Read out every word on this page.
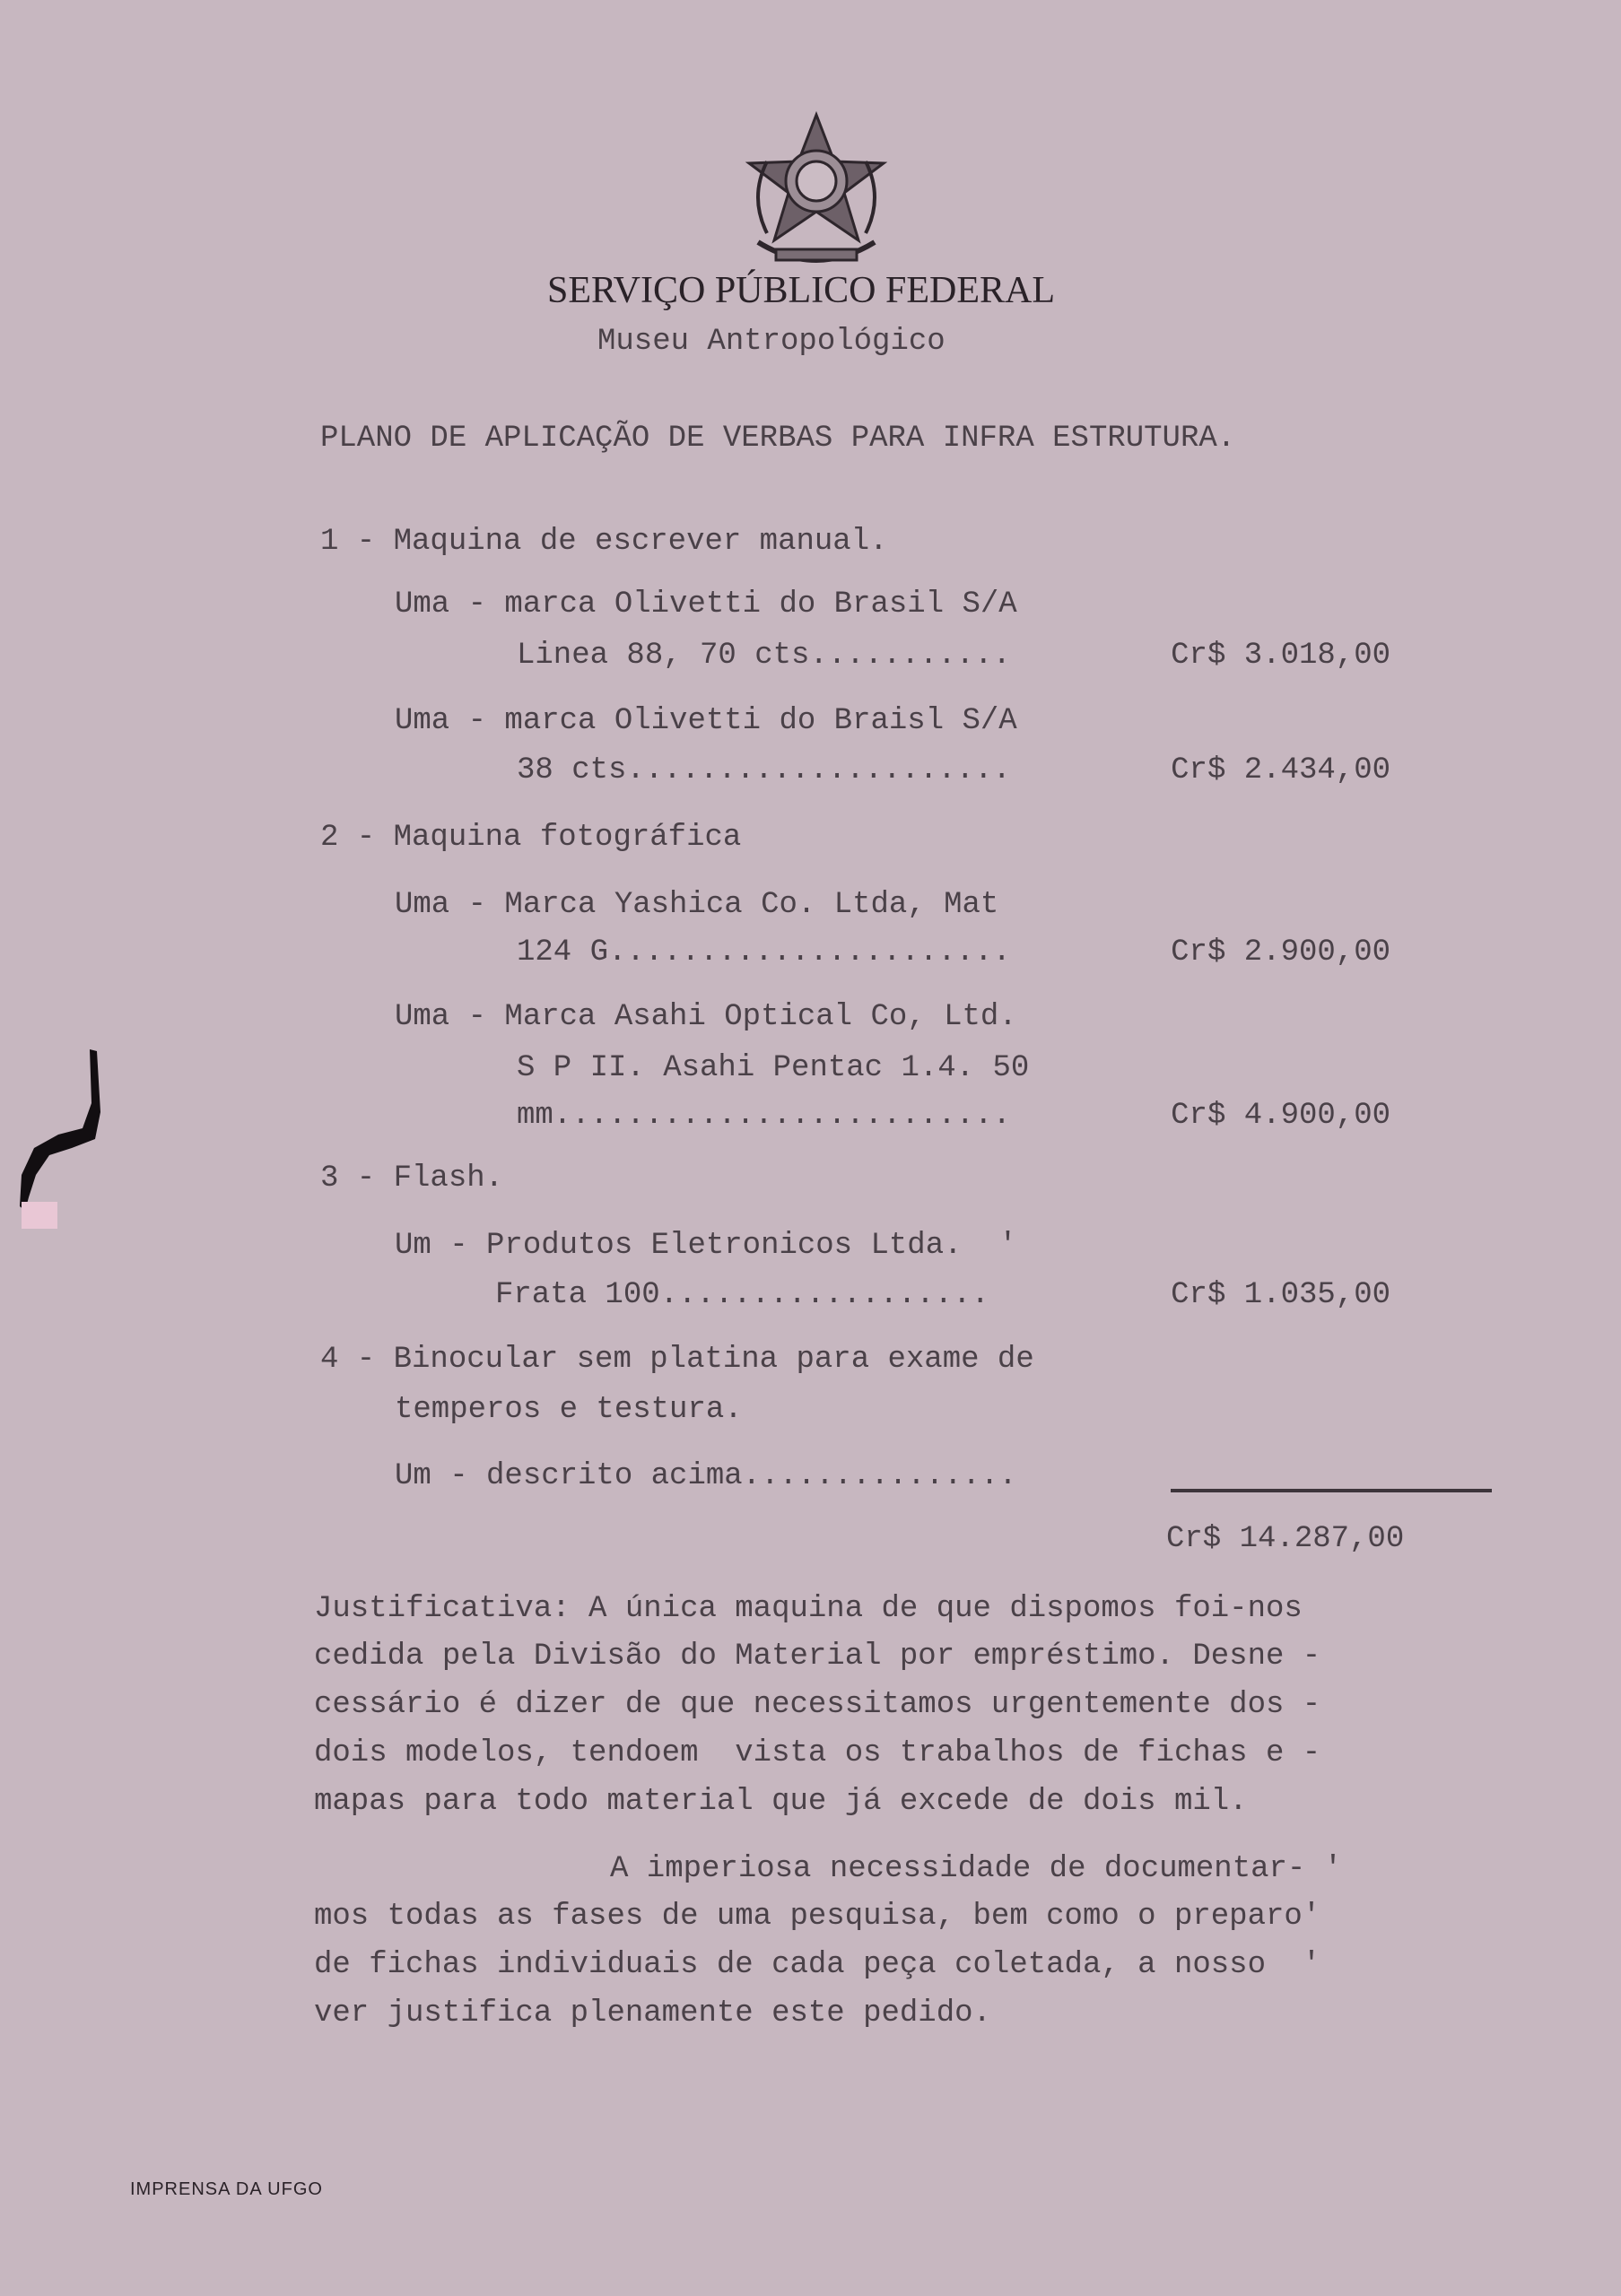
SERVIÇO PÚBLICO FEDERAL
Museu Antropológico
PLANO DE APLICAÇÃO DE VERBAS PARA INFRA ESTRUTURA.
1 - Maquina de escrever manual.
Uma - marca Olivetti do Brasil S/A
Linea 88, 70 cts...........	Cr$ 3.018,00
Uma - marca Olivetti do Braisl S/A
38 cts.....................	Cr$ 2.434,00
2 - Maquina fotográfica
Uma - Marca Yashica Co. Ltda, Mat
124 G......................	Cr$ 2.900,00
Uma - Marca Asahi Optical Co, Ltd.
S P II. Asahi Pentac 1.4. 50
mm.........................	Cr$ 4.900,00
3 - Flash.
Um - Produtos Eletronicos Ltda.  '
Frata 100..................	Cr$ 1.035,00
4 - Binocular sem platina para exame de
temperos e testura.
Um - descrito acima...............
Cr$ 14.287,00
Justificativa: A única maquina de que dispomos foi-nos
cedida pela Divisão do Material por empréstimo. Desne -
cessário é dizer de que necessitamos urgentemente dos -
dois modelos, tendoem  vista os trabalhos de fichas e -
mapas para todo material que já excede de dois mil.
A imperiosa necessidade de documentar- '
mos todas as fases de uma pesquisa, bem como o preparo'
de fichas individuais de cada peça coletada, a nosso  '
ver justifica plenamente este pedido.
IMPRENSA DA UFGO
